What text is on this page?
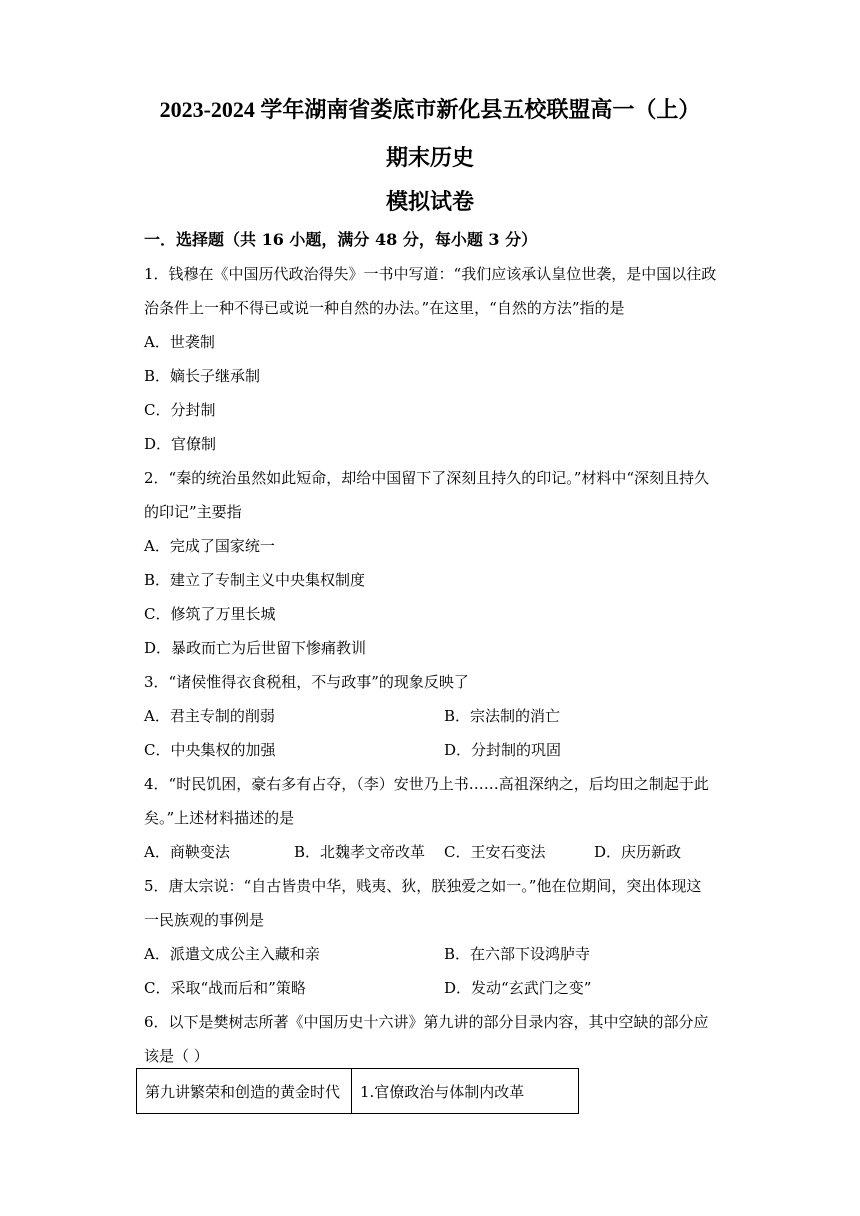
2023-2024 学年湖南省娄底市新化县五校联盟高一（上）
期末历史
模拟试卷
一．选择题（共 16 小题，满分 48 分，每小题 3 分）
1．钱穆在《中国历代政治得失》一书中写道：“我们应该承认皇位世袭，是中国以往政
治条件上一种不得已或说一种自然的办法。”在这里，“自然的方法”指的是
A．世袭制
B．嫡长子继承制
C．分封制
D．官僚制
2．“秦的统治虽然如此短命，却给中国留下了深刻且持久的印记。”材料中“深刻且持久
的印记”主要指
A．完成了国家统一
B．建立了专制主义中央集权制度
C．修筑了万里长城
D．暴政而亡为后世留下惨痛教训
3．“诸侯惟得衣食税租，不与政事”的现象反映了
A．君主专制的削弱	B．宗法制的消亡
C．中央集权的加强	D．分封制的巩固
4．“时民饥困，豪右多有占夺，（李）安世乃上书……高祖深纳之，后均田之制起于此
矣。”上述材料描述的是
A．商鞅变法	B．北魏孝文帝改革 C．王安石变法	D．庆历新政
5．唐太宗说：“自古皆贵中华，贱夷、狄，朕独爱之如一。”他在位期间，突出体现这
一民族观的事例是
A．派遣文成公主入藏和亲	B．在六部下设鸿胪寺
C．采取“战而后和”策略	D．发动“玄武门之变”
6．以下是樊树志所著《中国历史十六讲》第九讲的部分目录内容，其中空缺的部分应
该是（ ）
第九讲繁荣和创造的黄金时代	1.官僚政治与体制内改革
